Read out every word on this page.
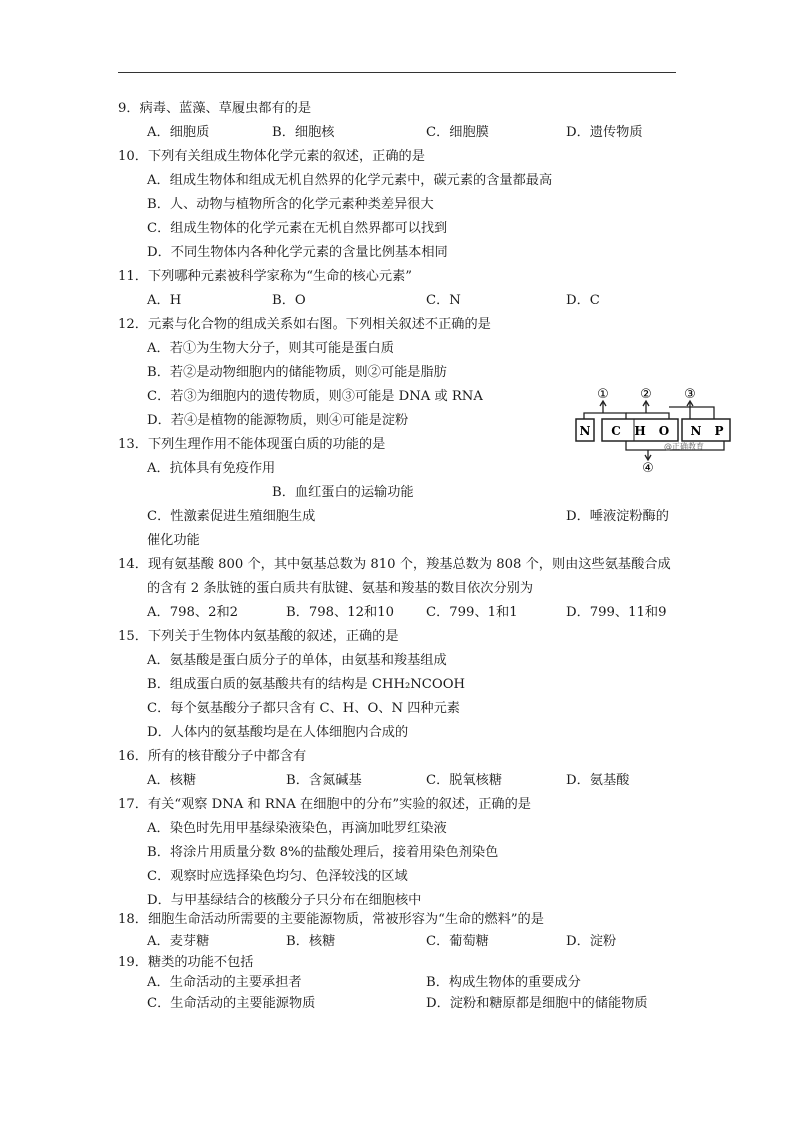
9．病毒、蓝藻、草履虫都有的是
A．细胞质	B．细胞核	C．细胞膜	D．遗传物质
10．下列有关组成生物体化学元素的叙述，正确的是
A．组成生物体和组成无机自然界的化学元素中，碳元素的含量都最高
B．人、动物与植物所含的化学元素种类差异很大
C．组成生物体的化学元素在无机自然界都可以找到
D．不同生物体内各种化学元素的含量比例基本相同
11．下列哪种元素被科学家称为“生命的核心元素”
A．H	B．O	C．N	D．C
12．元素与化合物的组成关系如右图。下列相关叙述不正确的是
A．若①为生物大分子，则其可能是蛋白质
B．若②是动物细胞内的储能物质，则②可能是脂肪
C．若③为细胞内的遗传物质，则③可能是 DNA 或 RNA
D．若④是植物的能源物质，则④可能是淀粉
① ② ③
N C H O N P
@正确教育
④
13．下列生理作用不能体现蛋白质的功能的是
A．抗体具有免疫作用
B．血红蛋白的运输功能
C．性激素促进生殖细胞生成	D．唾液淀粉酶的
催化功能
14．现有氨基酸 800 个，其中氨基总数为 810 个，羧基总数为 808 个，则由这些氨基酸合成
的含有 2 条肽链的蛋白质共有肽键、氨基和羧基的数目依次分别为
A．798、2和2	B．798、12和10 C．799、1和1	D．799、11和9
15．下列关于生物体内氨基酸的叙述，正确的是
A．氨基酸是蛋白质分子的单体，由氨基和羧基组成
B．组成蛋白质的氨基酸共有的结构是 CHH₂NCOOH
C．每个氨基酸分子都只含有 C、H、O、N 四种元素
D．人体内的氨基酸均是在人体细胞内合成的
16．所有的核苷酸分子中都含有
A．核糖	B．含氮碱基	C．脱氧核糖	D．氨基酸
17．有关“观察 DNA 和 RNA 在细胞中的分布”实验的叙述，正确的是
A．染色时先用甲基绿染液染色，再滴加吡罗红染液
B．将涂片用质量分数 8%的盐酸处理后，接着用染色剂染色
C．观察时应选择染色均匀、色泽较浅的区域
D．与甲基绿结合的核酸分子只分布在细胞核中
18．细胞生命活动所需要的主要能源物质，常被形容为“生命的燃料”的是
A．麦芽糖	B．核糖	C．葡萄糖	D．淀粉
19．糖类的功能不包括
A．生命活动的主要承担者	B．构成生物体的重要成分
C．生命活动的主要能源物质	D．淀粉和糖原都是细胞中的储能物质
